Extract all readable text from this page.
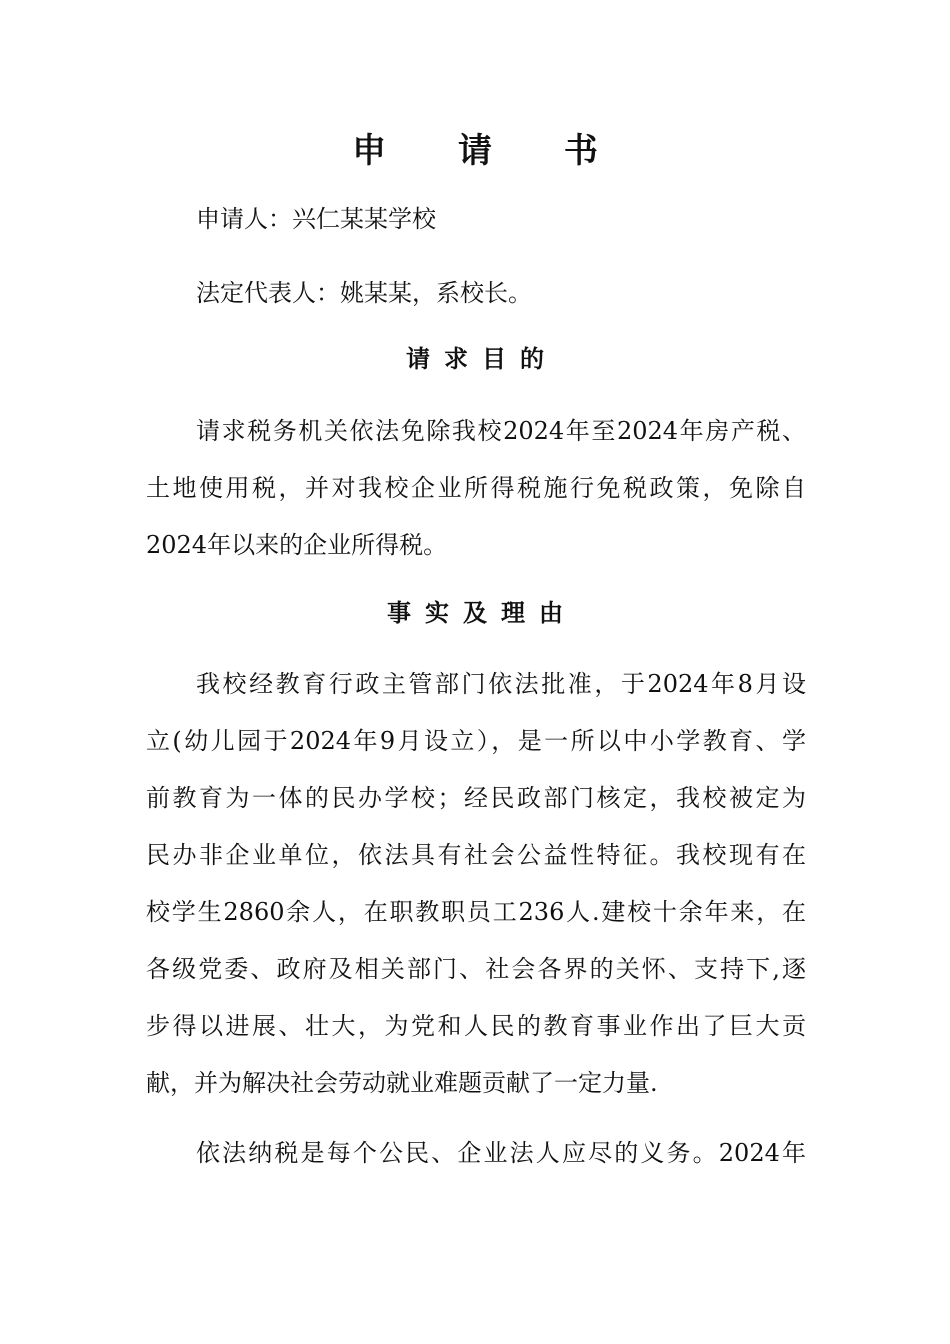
申 请 书
申请人：兴仁某某学校
法定代表人：姚某某，系校长。
请求目的
请求税务机关依法免除我校2024年至2024年房产税、
土地使用税，并对我校企业所得税施行免税政策，免除自
2024年以来的企业所得税。
事实及理由
我校经教育行政主管部门依法批准，于2024年8月设
立(幼儿园于2024年9月设立），是一所以中小学教育、学
前教育为一体的民办学校；经民政部门核定，我校被定为
民办非企业单位，依法具有社会公益性特征。我校现有在
校学生2860余人，在职教职员工236人.建校十余年来，在
各级党委、政府及相关部门、社会各界的关怀、支持下,逐
步得以进展、壮大，为党和人民的教育事业作出了巨大贡
献，并为解决社会劳动就业难题贡献了一定力量.
依法纳税是每个公民、企业法人应尽的义务。2024年
